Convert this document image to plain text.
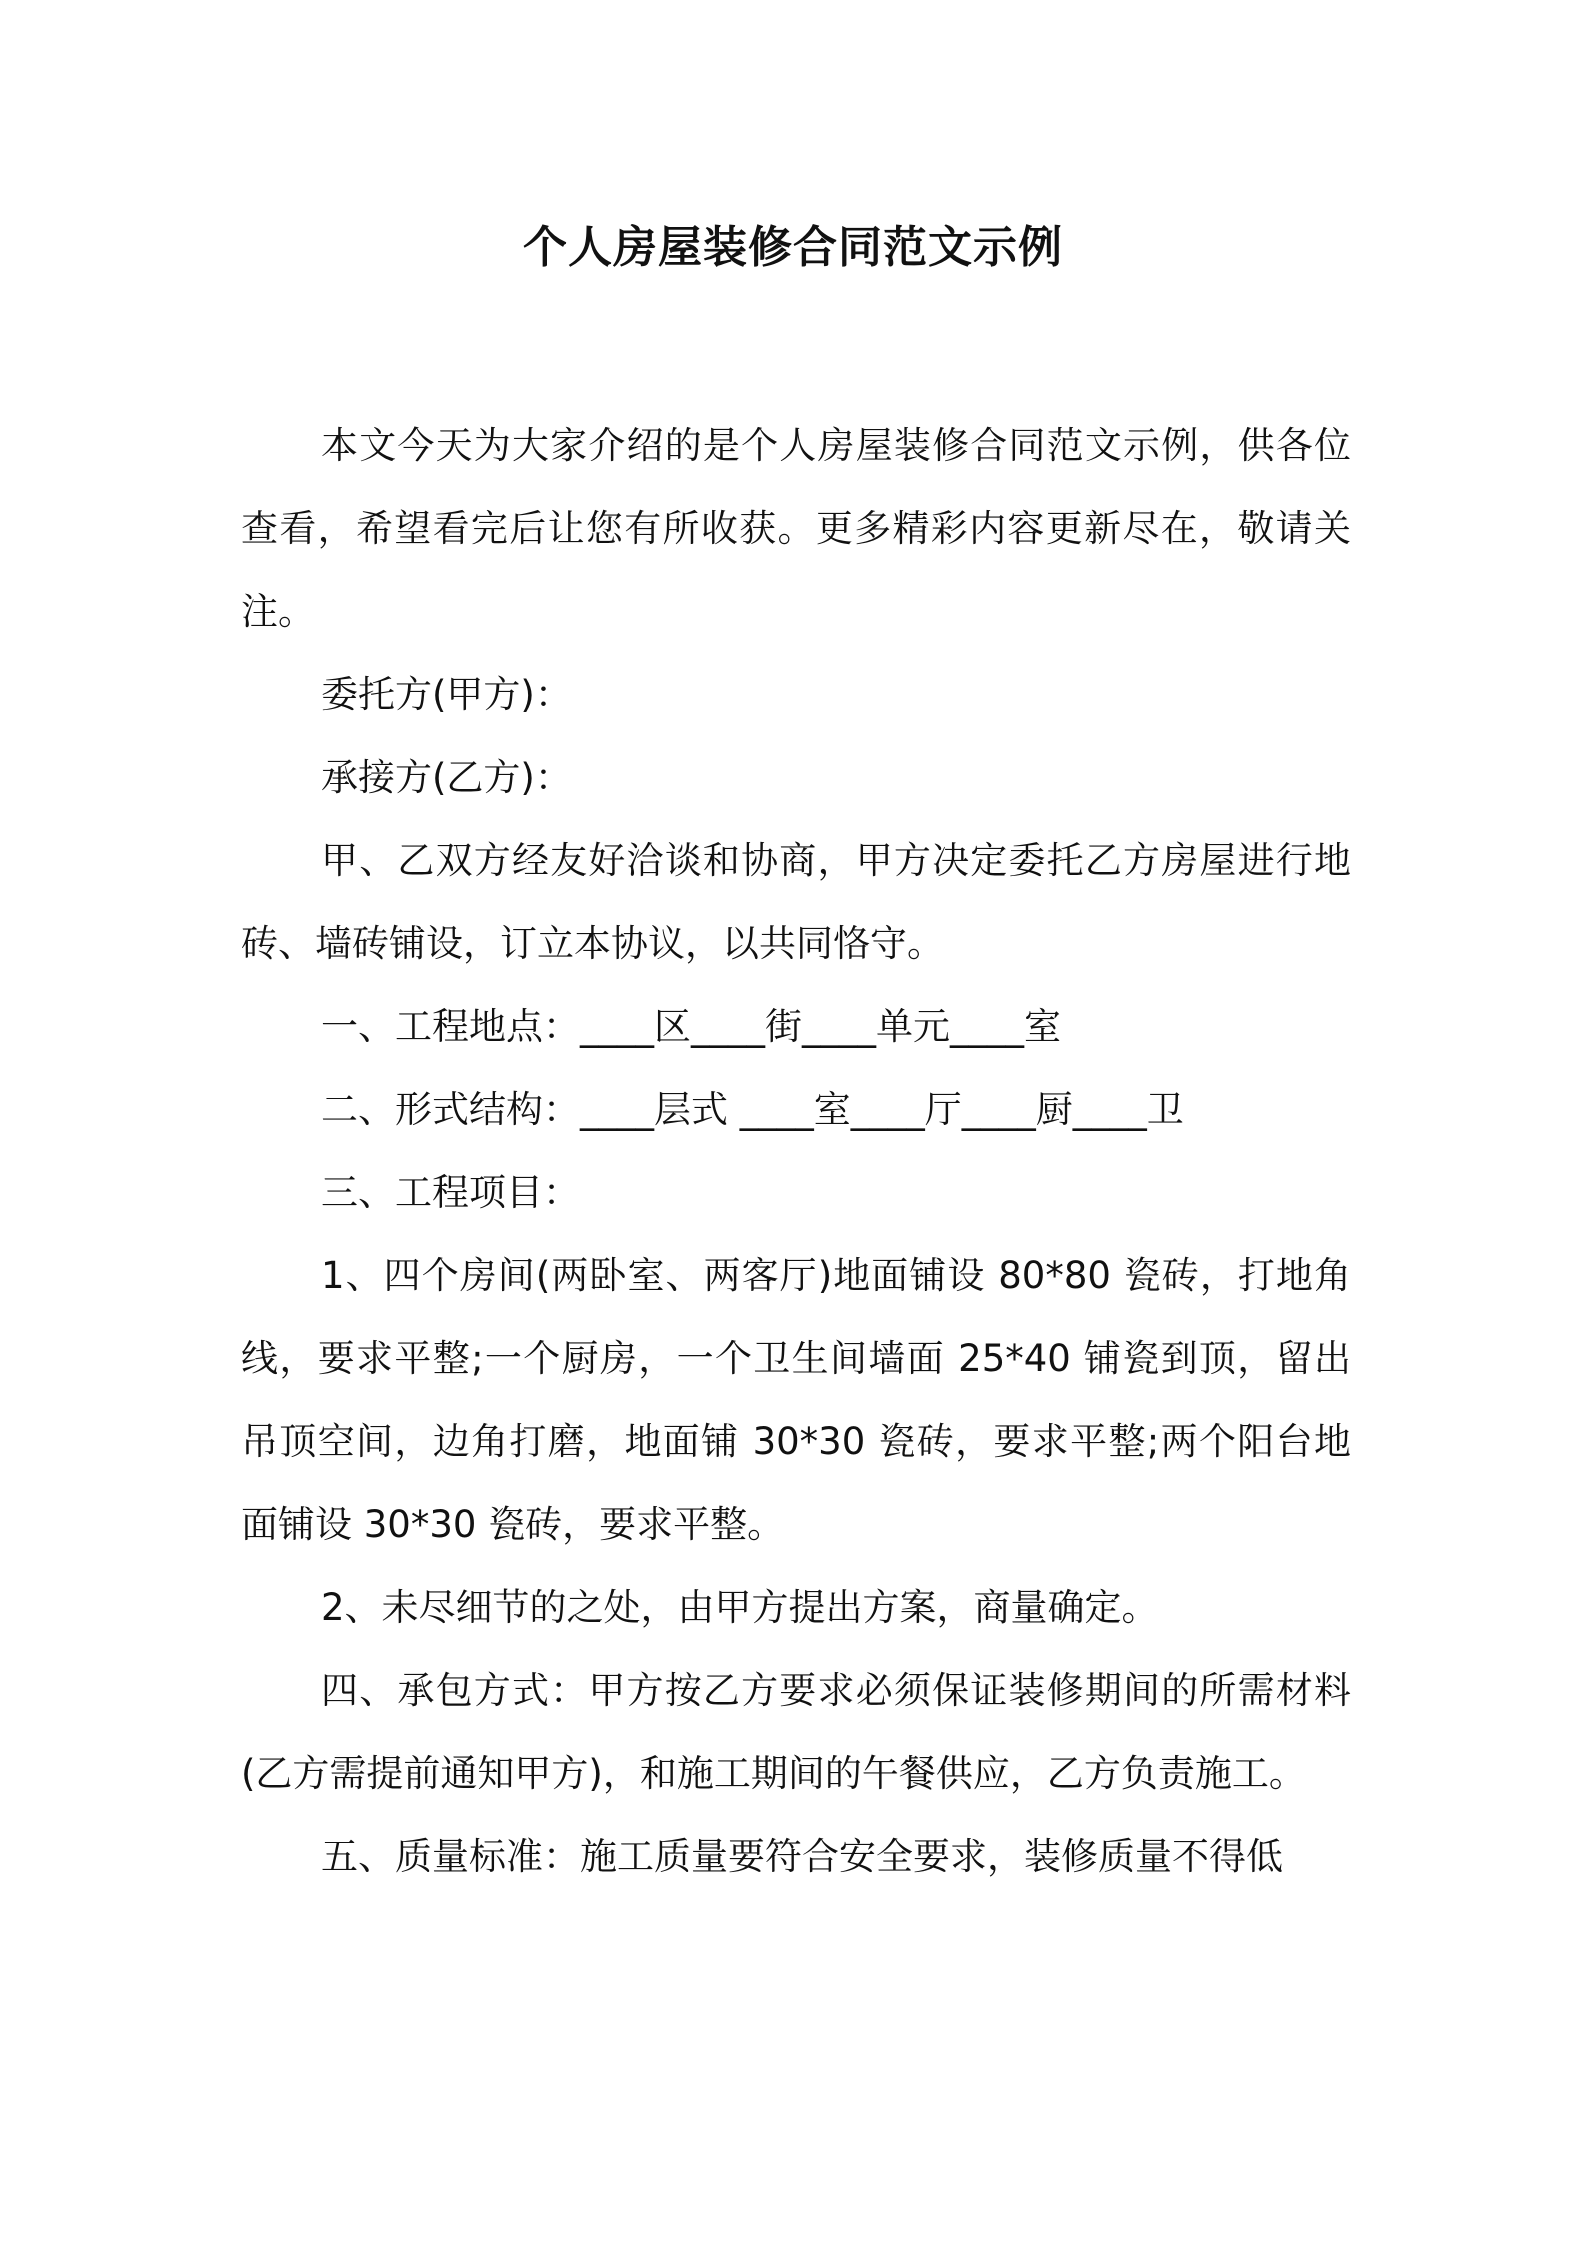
个人房屋装修合同范文示例

本文今天为大家介绍的是个人房屋装修合同范文示例，供各位查看，希望看完后让您有所收获。更多精彩内容更新尽在，敬请关注。

委托方(甲方)：

承接方(乙方)：

甲、乙双方经友好洽谈和协商，甲方决定委托乙方房屋进行地砖、墙砖铺设，订立本协议，以共同恪守。

一、工程地点：____区____街____单元____室

二、形式结构：____层式 ____室____厅____厨____卫

三、工程项目：

1、四个房间(两卧室、两客厅)地面铺设 80*80 瓷砖，打地角线，要求平整;一个厨房，一个卫生间墙面 25*40 铺瓷到顶，留出吊顶空间，边角打磨，地面铺 30*30 瓷砖，要求平整;两个阳台地面铺设 30*30 瓷砖，要求平整。

2、未尽细节的之处，由甲方提出方案，商量确定。

四、承包方式：甲方按乙方要求必须保证装修期间的所需材料(乙方需提前通知甲方)，和施工期间的午餐供应，乙方负责施工。

五、质量标准：施工质量要符合安全要求，装修质量不得低
